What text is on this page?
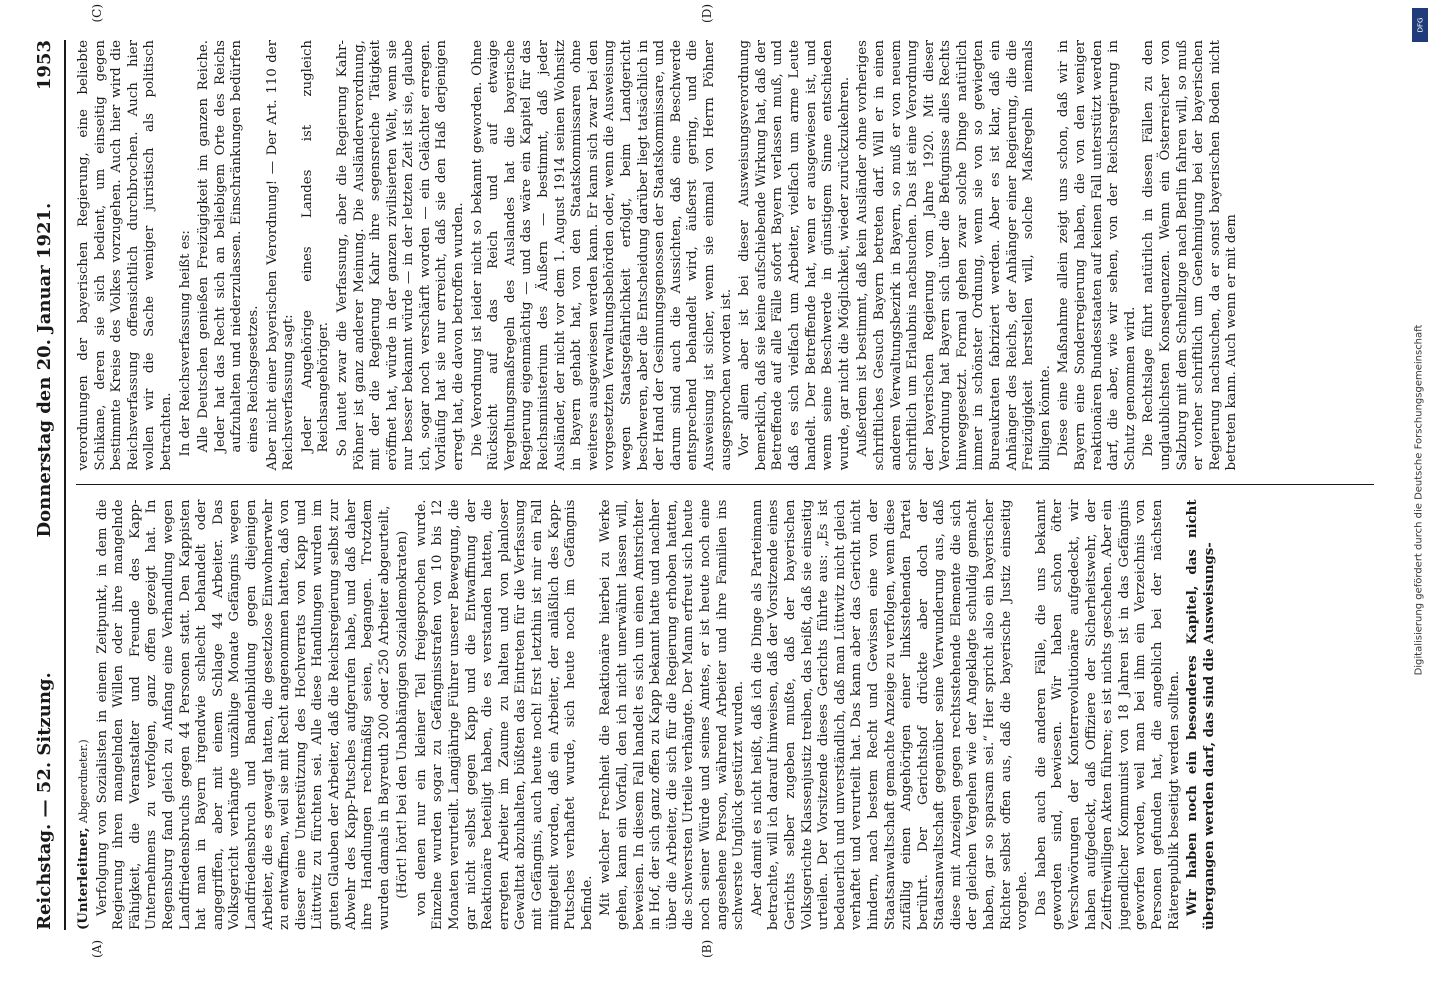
Reichstag. — 52. Sitzung.
Donnerstag den 20. Januar 1921.
1953
(A)	(B)
(C)	(D)

(Unterleitner, Abgeordneter.) Verfolgung von Sozialisten in einem Zeitpunkt, in dem die Regierung ihren mangelnden Willen oder ihre mangelnde Fähigkeit, die Veranstalter und Freunde des Kapp-Unternehmens zu verfolgen, ganz offen gezeigt hat. In Regensburg fand gleich zu Anfang eine Verhandlung wegen Landfriedensbruchs gegen 44 Personen statt. Den Kappisten hat man in Bayern irgendwie schlecht behandelt oder angegriffen, aber mit einem Schlage 44 Arbeiter. Das Volksgericht verhängte unzählige Monate Gefängnis wegen Landfriedensbruch und Bandenbildung gegen diejenigen Arbeiter, die es gewagt hatten, die gesetzlose Einwohnerwehr zu entwaffnen, weil sie mit Recht angenommen hatten, daß von dieser eine Unterstützung des Hochverrats von Kapp und Lüttwitz zu fürchten sei. Alle diese Handlungen wurden im guten Glauben der Arbeiter, daß die Reichsregierung selbst zur Abwehr des Kapp-Putsches aufgerufen habe, und daß daher ihre Handlungen rechtmäßig seien, begangen. Trotzdem wurden damals in Bayreuth 200 oder 250 Arbeiter abgeurteilt, (Hört! hört! bei den Unabhängigen Sozialdemokraten) von denen nur ein kleiner Teil freigesprochen wurde. Einzelne wurden sogar zu Gefängnisstrafen von 10 bis 12 Monaten verurteilt. Langjährige Führer unserer Bewegung, die gar nicht selbst gegen Kapp und die Entwaffnung der Reaktionäre beteiligt haben, die es verstanden hatten, die erregten Arbeiter im Zaume zu halten und von planloser Gewalttat abzuhalten, büßten das Eintreten für die Verfassung mit Gefängnis, auch heute noch! Erst letzthin ist mir ein Fall mitgeteilt worden, daß ein Arbeiter, der anläßlich des Kapp-Putsches verhaftet wurde, sich heute noch im Gefängnis befinde. Mit welcher Frechheit die Reaktionäre hierbei zu Werke gehen, kann ein Vorfall, den ich nicht unerwähnt lassen will, beweisen. In diesem Fall handelt es sich um einen Amtsrichter in Hof, der sich ganz offen zu Kapp bekannt hatte und nachher über die Arbeiter, die sich für die Regierung erhoben hatten, die schwersten Urteile verhängte. Der Mann erfreut sich heute noch seiner Würde und seines Amtes, er ist heute noch eine angesehene Person, während Arbeiter und ihre Familien ins schwerste Unglück gestürzt wurden. Aber damit es nicht heißt, daß ich die Dinge als Parteimann betrachte, will ich darauf hinweisen, daß der Vorsitzende eines Gerichts selber zugeben mußte, daß der bayerischen Volksgerichte Klassenjustiz treiben, das heißt, daß sie einseitig urteilen. Der Vorsitzende dieses Gerichts führte aus: „Es ist bedauerlich und unverständlich, daß man Lüttwitz nicht gleich verhaftet und verurteilt hat. Das kann aber das Gericht nicht hindern, nach bestem Recht und Gewissen eine von der Staatsanwaltschaft gemachte Anzeige zu verfolgen, wenn diese zufällig einen Angehörigen einer linksstehenden Partei berührt. Der Gerichtshof drückte aber doch der Staatsanwaltschaft gegenüber seine Verwunderung aus, daß diese mit Anzeigen gegen rechtsstehende Elemente die sich der gleichen Vergehen wie der Angeklagte schuldig gemacht haben, gar so sparsam sei.“ Hier spricht also ein bayerischer Richter selbst offen aus, daß die bayerische Justiz einseitig vorgehe. Das haben auch die anderen Fälle, die uns bekannt geworden sind, bewiesen. Wir haben schon öfter Verschwörungen der Konterrevolutionäre aufgedeckt, wir haben aufgedeckt, daß Offiziere der Sicherheitswehr, der Zeitfreiwilligen Akten führen; es ist nichts geschehen. Aber ein jugendlicher Kommunist von 18 Jahren ist in das Gefängnis geworfen worden, weil man bei ihm ein Verzeichnis von Personen gefunden hat, die angeblich bei der nächsten Räterepublik beseitigt werden sollten. Wir haben noch ein besonderes Kapitel, das nicht übergangen werden darf, das sind die Ausweisungs-

verordnungen der bayerischen Regierung, eine beliebte Schikane, deren sie sich bedient, um einseitig gegen bestimmte Kreise des Volkes vorzugehen. Auch hier wird die Reichsverfassung offensichtlich durchbrochen. Auch hier wollen wir die Sache weniger juristisch als politisch betrachten. In der Reichsverfassung heißt es: Alle Deutschen genießen Freizügigkeit im ganzen Reiche. Jeder hat das Recht sich an beliebigem Orte des Reichs aufzuhalten und niederzulassen. Einschränkungen bedürfen eines Reichsgesetzes. Aber nicht einer bayerischen Verordnung! — Der Art. 110 der Reichsverfassung sagt: Jeder Angehörige eines Landes ist zugleich Reichsangehöriger. So lautet zwar die Verfassung, aber die Regierung Kahr-Pöhner ist ganz anderer Meinung. Die Ausländerverordnung, mit der die Regierung Kahr ihre segensreiche Tätigkeit eröffnet hat, würde in der ganzen zivilisierten Welt, wenn sie nur besser bekannt würde — in der letzten Zeit ist sie, glaube ich, sogar noch verschärft worden — ein Gelächter erregen. Vorläufig hat sie nur erreicht, daß sie den Haß derjenigen erregt hat, die davon betroffen wurden. Die Verordnung ist leider nicht so bekannt geworden. Ohne Rücksicht auf das Reich und auf etwaige Vergeltungsmaßregeln des Auslandes hat die bayerische Regierung eigenmächtig — und das wäre ein Kapitel für das Reichsministerium des Äußern — bestimmt, daß jeder Ausländer, der nicht vor dem 1. August 1914 seinen Wohnsitz in Bayern gehabt hat, von den Staatskommissaren ohne weiteres ausgewiesen werden kann. Er kann sich zwar bei den vorgesetzten Verwaltungsbehörden oder, wenn die Ausweisung wegen Staatsgefährlichkeit erfolgt, beim Landgericht beschweren, aber die Entscheidung darüber liegt tatsächlich in der Hand der Gesinnungsgenossen der Staatskommissare, und darum sind auch die Aussichten, daß eine Beschwerde entsprechend behandelt wird, äußerst gering, und die Ausweisung ist sicher, wenn sie einmal von Herrn Pöhner ausgesprochen worden ist. Vor allem aber ist bei dieser Ausweisungsverordnung bemerklich, daß sie keine aufschiebende Wirkung hat, daß der Betreffende auf alle Fälle sofort Bayern verlassen muß, und daß es sich vielfach um Arbeiter, vielfach um arme Leute handelt. Der Betreffende hat, wenn er ausgewiesen ist, und wenn seine Beschwerde in günstigem Sinne entschieden wurde, gar nicht die Möglichkeit, wieder zurückzukehren. Außerdem ist bestimmt, daß kein Ausländer ohne vorheriges schriftliches Gesuch Bayern betreten darf. Will er in einen anderen Verwaltungsbezirk in Bayern, so muß er von neuem schriftlich um Erlaubnis nachsuchen. Das ist eine Verordnung der bayerischen Regierung vom Jahre 1920. Mit dieser Verordnung hat Bayern sich über die Befugnisse alles Rechts hinweggesetzt. Formal gehen zwar solche Dinge natürlich immer in schönster Ordnung, wenn sie von so gewiegten Bureaukraten fabriziert werden. Aber es ist klar, daß ein Anhänger des Reichs, der Anhänger einer Regierung, die die Freizügigkeit herstellen will, solche Maßregeln niemals billigen könnte. Diese eine Maßnahme allein zeigt uns schon, daß wir in Bayern eine Sonderregierung haben, die von den weniger reaktionären Bundesstaaten auf keinen Fall unterstützt werden darf, die aber, wie wir sehen, von der Reichsregierung in Schutz genommen wird. Die Rechtslage führt natürlich in diesen Fällen zu den unglaublichsten Konsequenzen. Wenn ein Österreicher von Salzburg mit dem Schnellzuge nach Berlin fahren will, so muß er vorher schriftlich um Genehmigung bei der bayerischen Regierung nachsuchen, da er sonst bayerischen Boden nicht betreten kann. Auch wenn er mit dem

DFG
Digitalisierung gefördert durch die Deutsche Forschungsgemeinschaft
